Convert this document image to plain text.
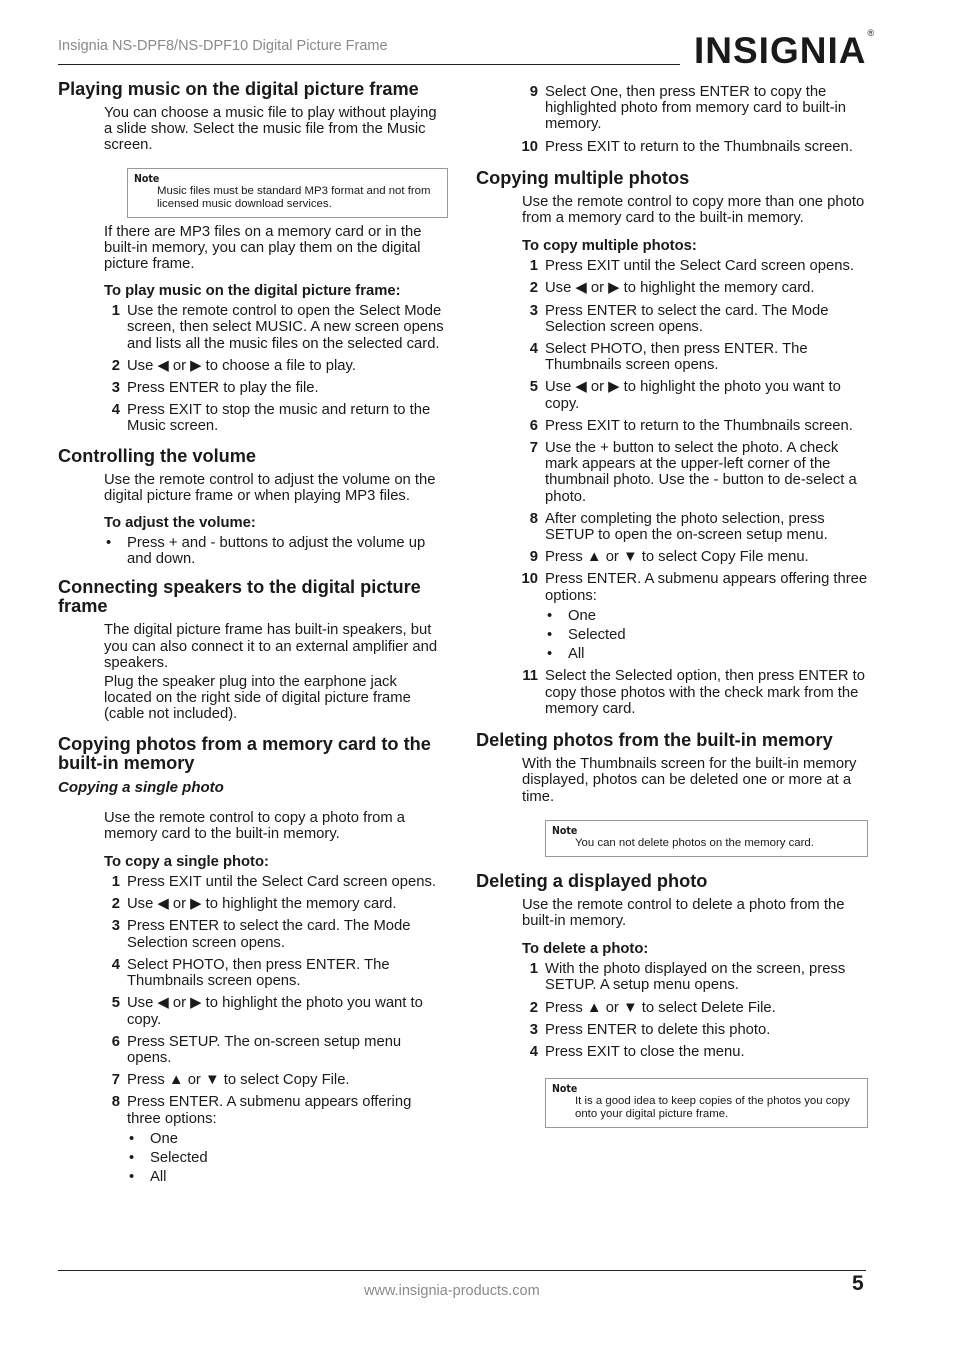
Insignia NS-DPF8/NS-DPF10 Digital Picture Frame	INSIGNIA®
Playing music on the digital picture frame

You can choose a music file to play without playing a slide show. Select the music file from the Music screen.

Note
Music files must be standard MP3 format and not from licensed music download services.

If there are MP3 files on a memory card or in the built-in memory, you can play them on the digital picture frame.

To play music on the digital picture frame:
1 Use the remote control to open the Select Mode screen, then select MUSIC. A new screen opens and lists all the music files on the selected card.
2 Use ◀ or ▶ to choose a file to play.
3 Press ENTER to play the file.
4 Press EXIT to stop the music and return to the Music screen.
Controlling the volume

Use the remote control to adjust the volume on the digital picture frame or when playing MP3 files.

To adjust the volume:
• Press + and - buttons to adjust the volume up and down.
Connecting speakers to the digital picture frame

The digital picture frame has built-in speakers, but you can also connect it to an external amplifier and speakers.

Plug the speaker plug into the earphone jack located on the right side of digital picture frame (cable not included).

Copying photos from a memory card to the built-in memory
Copying a single photo

Use the remote control to copy a photo from a memory card to the built-in memory.

To copy a single photo:
1 Press EXIT until the Select Card screen opens.
2 Use ◀ or ▶ to highlight the memory card.
3 Press ENTER to select the card. The Mode Selection screen opens.
4 Select PHOTO, then press ENTER. The Thumbnails screen opens.
5 Use ◀ or ▶ to highlight the photo you want to copy.
6 Press SETUP. The on-screen setup menu opens.
7 Press ▲ or ▼ to select Copy File.
8 Press ENTER. A submenu appears offering three options:
• One
• Selected
• All
9 Select One, then press ENTER to copy the highlighted photo from memory card to built-in memory.
10 Press EXIT to return to the Thumbnails screen.
Copying multiple photos

Use the remote control to copy more than one photo from a memory card to the built-in memory.

To copy multiple photos:
1 Press EXIT until the Select Card screen opens.
2 Use ◀ or ▶ to highlight the memory card.
3 Press ENTER to select the card. The Mode Selection screen opens.
4 Select PHOTO, then press ENTER. The Thumbnails screen opens.
5 Use ◀ or ▶ to highlight the photo you want to copy.
6 Press EXIT to return to the Thumbnails screen.
7 Use the + button to select the photo. A check mark appears at the upper-left corner of the thumbnail photo. Use the - button to de-select a photo.
8 After completing the photo selection, press SETUP to open the on-screen setup menu.
9 Press ▲ or ▼ to select Copy File menu.
10 Press ENTER. A submenu appears offering three options:
• One
• Selected
• All
11 Select the Selected option, then press ENTER to copy those photos with the check mark from the memory card.
Deleting photos from the built-in memory

With the Thumbnails screen for the built-in memory displayed, photos can be deleted one or more at a time.

Note
You can not delete photos on the memory card.
Deleting a displayed photo

Use the remote control to delete a photo from the built-in memory.

To delete a photo:
1 With the photo displayed on the screen, press SETUP. A setup menu opens.
2 Press ▲ or ▼ to select Delete File.
3 Press ENTER to delete this photo.
4 Press EXIT to close the menu.
Note
It is a good idea to keep copies of the photos you copy onto your digital picture frame.
www.insignia-products.com	5
